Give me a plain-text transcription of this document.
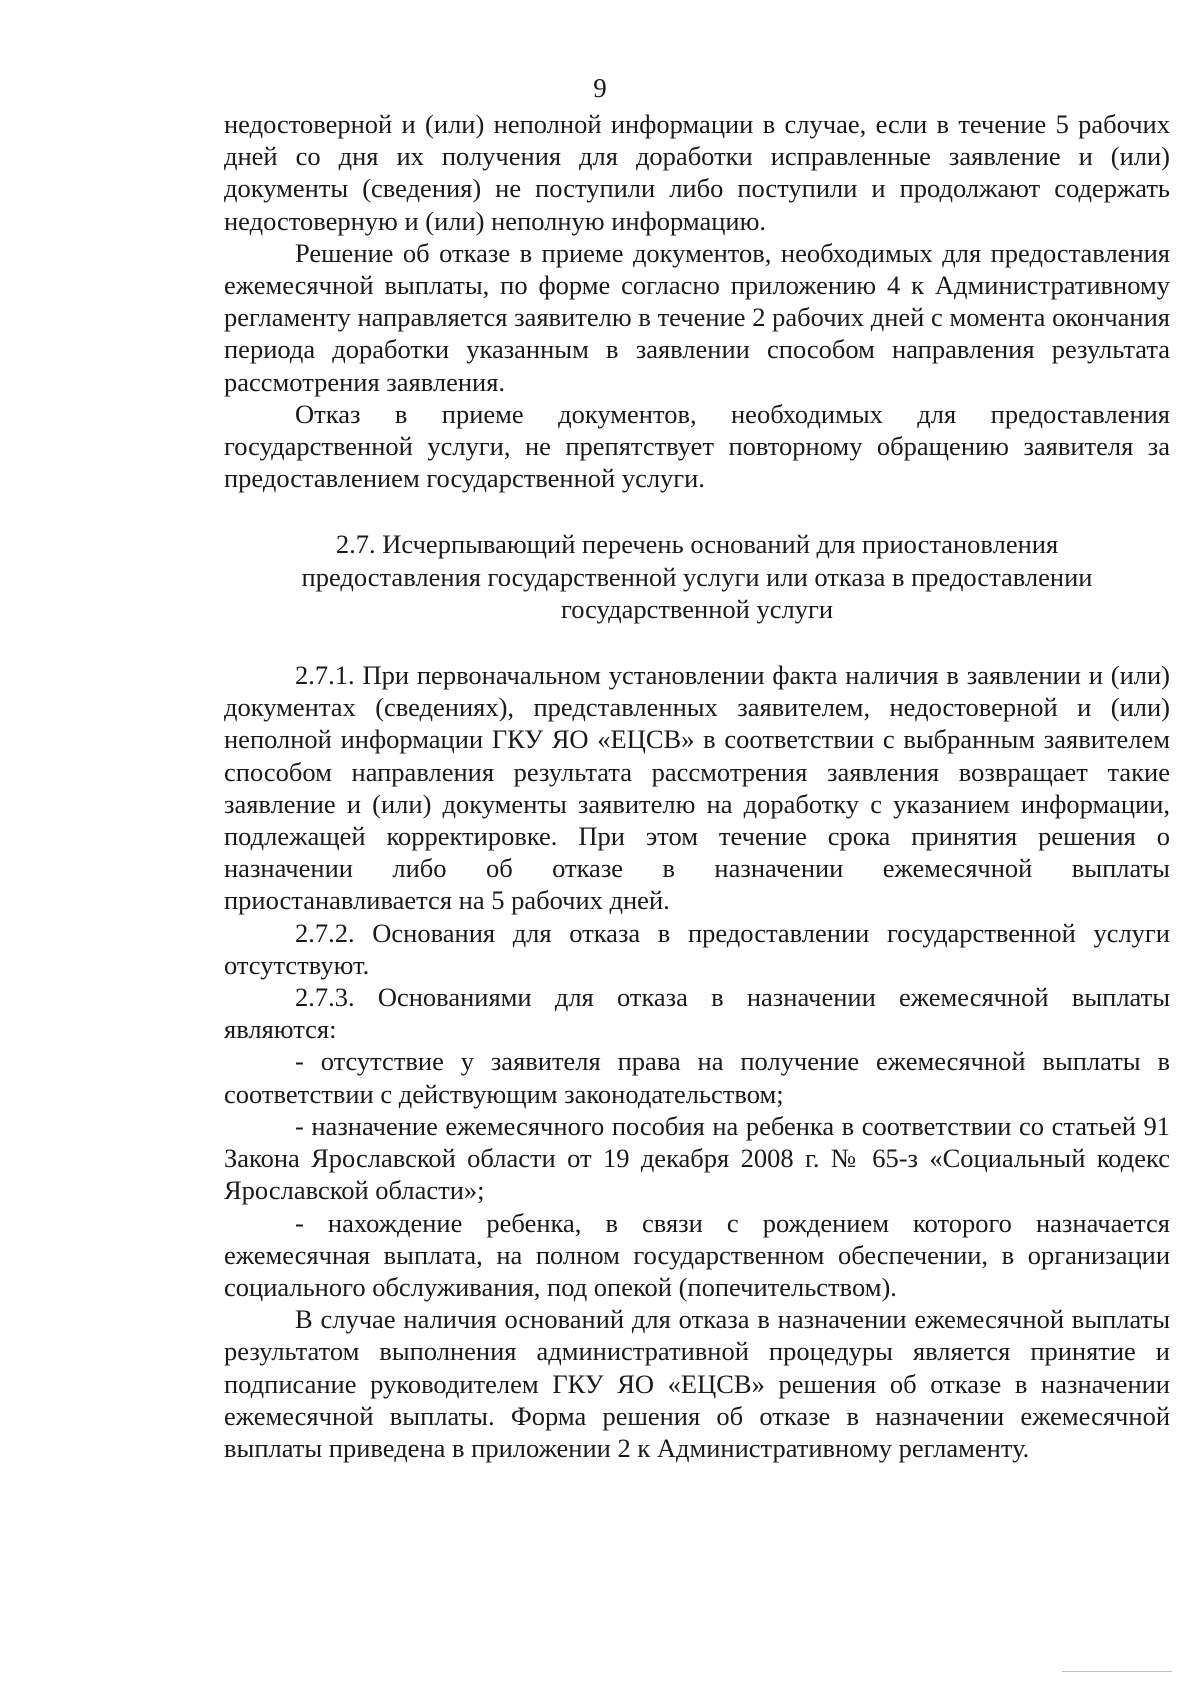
9

недостоверной и (или) неполной информации в случае, если в течение 5 рабочих дней со дня их получения для доработки исправленные заявление и (или) документы (сведения) не поступили либо поступили и продолжают содержать недостоверную и (или) неполную информацию.

Решение об отказе в приеме документов, необходимых для предоставления ежемесячной выплаты, по форме согласно приложению 4 к Административному регламенту направляется заявителю в течение 2 рабочих дней с момента окончания периода доработки указанным в заявлении способом направления результата рассмотрения заявления.

Отказ в приеме документов, необходимых для предоставления государственной услуги, не препятствует повторному обращению заявителя за предоставлением государственной услуги.

2.7. Исчерпывающий перечень оснований для приостановления
предоставления государственной услуги или отказа в предоставлении
государственной услуги

2.7.1. При первоначальном установлении факта наличия в заявлении и (или) документах (сведениях), представленных заявителем, недостоверной и (или) неполной информации ГКУ ЯО «ЕЦСВ» в соответствии с выбранным заявителем способом направления результата рассмотрения заявления возвращает такие заявление и (или) документы заявителю на доработку с указанием информации, подлежащей корректировке. При этом течение срока принятия решения о назначении либо об отказе в назначении ежемесячной выплаты приостанавливается на 5 рабочих дней.

2.7.2. Основания для отказа в предоставлении государственной услуги отсутствуют.

2.7.3. Основаниями для отказа в назначении ежемесячной выплаты являются:

- отсутствие у заявителя права на получение ежемесячной выплаты в соответствии с действующим законодательством;

- назначение ежемесячного пособия на ребенка в соответствии со статьей 91 Закона Ярославской области от 19 декабря 2008 г. № 65-з «Социальный кодекс Ярославской области»;

- нахождение ребенка, в связи с рождением которого назначается ежемесячная выплата, на полном государственном обеспечении, в организации социального обслуживания, под опекой (попечительством).

В случае наличия оснований для отказа в назначении ежемесячной выплаты результатом выполнения административной процедуры является принятие и подписание руководителем ГКУ ЯО «ЕЦСВ» решения об отказе в назначении ежемесячной выплаты. Форма решения об отказе в назначении ежемесячной выплаты приведена в приложении 2 к Административному регламенту.
